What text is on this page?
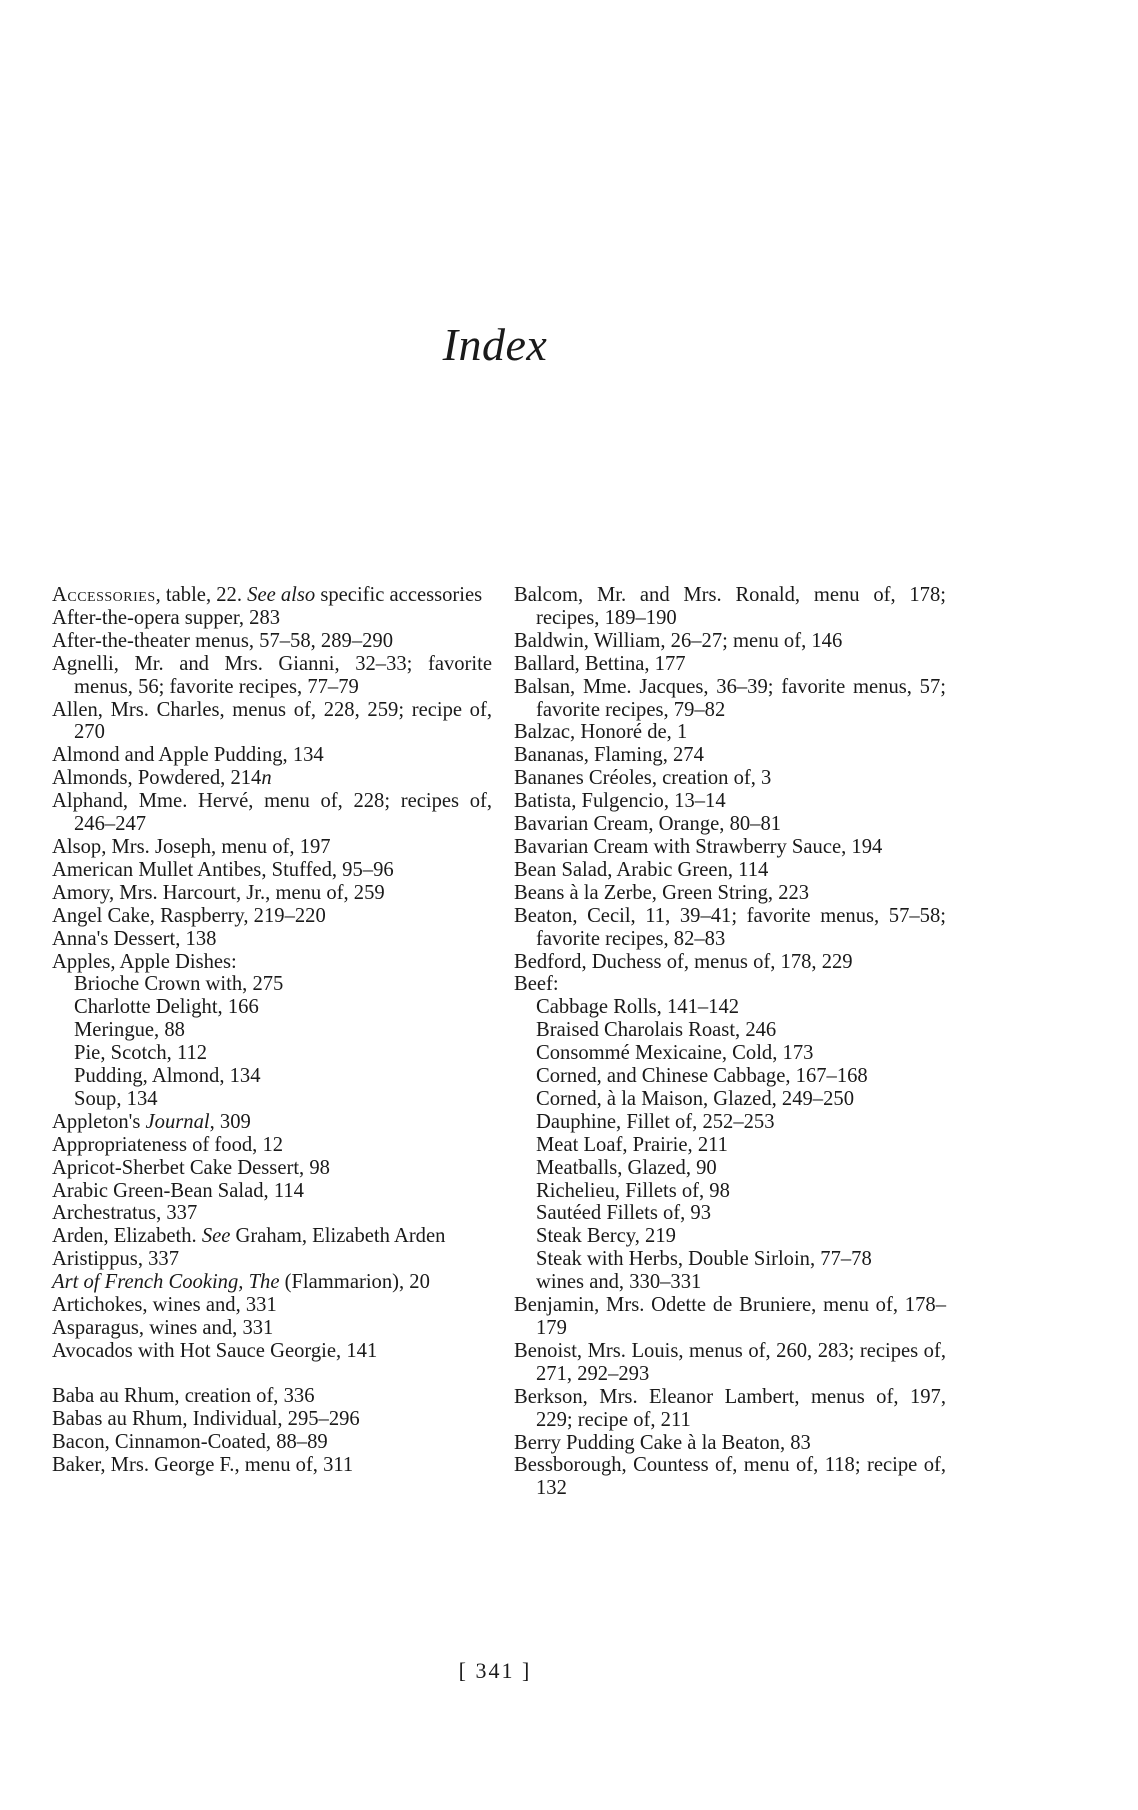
Index
Accessories, table, 22. See also specific accessories
After-the-opera supper, 283
After-the-theater menus, 57–58, 289–290
Agnelli, Mr. and Mrs. Gianni, 32–33; favorite menus, 56; favorite recipes, 77–79
Allen, Mrs. Charles, menus of, 228, 259; recipe of, 270
Almond and Apple Pudding, 134
Almonds, Powdered, 214n
Alphand, Mme. Hervé, menu of, 228; recipes of, 246–247
Alsop, Mrs. Joseph, menu of, 197
American Mullet Antibes, Stuffed, 95–96
Amory, Mrs. Harcourt, Jr., menu of, 259
Angel Cake, Raspberry, 219–220
Anna's Dessert, 138
Apples, Apple Dishes:
Brioche Crown with, 275
Charlotte Delight, 166
Meringue, 88
Pie, Scotch, 112
Pudding, Almond, 134
Soup, 134
Appleton's Journal, 309
Appropriateness of food, 12
Apricot-Sherbet Cake Dessert, 98
Arabic Green-Bean Salad, 114
Archestratus, 337
Arden, Elizabeth. See Graham, Elizabeth Arden
Aristippus, 337
Art of French Cooking, The (Flammarion), 20
Artichokes, wines and, 331
Asparagus, wines and, 331
Avocados with Hot Sauce Georgie, 141
Baba au Rhum, creation of, 336
Babas au Rhum, Individual, 295–296
Bacon, Cinnamon-Coated, 88–89
Baker, Mrs. George F., menu of, 311
Balcom, Mr. and Mrs. Ronald, menu of, 178; recipes, 189–190
Baldwin, William, 26–27; menu of, 146
Ballard, Bettina, 177
Balsan, Mme. Jacques, 36–39; favorite menus, 57; favorite recipes, 79–82
Balzac, Honoré de, 1
Bananas, Flaming, 274
Bananes Créoles, creation of, 3
Batista, Fulgencio, 13–14
Bavarian Cream, Orange, 80–81
Bavarian Cream with Strawberry Sauce, 194
Bean Salad, Arabic Green, 114
Beans à la Zerbe, Green String, 223
Beaton, Cecil, 11, 39–41; favorite menus, 57–58; favorite recipes, 82–83
Bedford, Duchess of, menus of, 178, 229
Beef:
Cabbage Rolls, 141–142
Braised Charolais Roast, 246
Consommé Mexicaine, Cold, 173
Corned, and Chinese Cabbage, 167–168
Corned, à la Maison, Glazed, 249–250
Dauphine, Fillet of, 252–253
Meat Loaf, Prairie, 211
Meatballs, Glazed, 90
Richelieu, Fillets of, 98
Sautéed Fillets of, 93
Steak Bercy, 219
Steak with Herbs, Double Sirloin, 77–78
wines and, 330–331
Benjamin, Mrs. Odette de Bruniere, menu of, 178–179
Benoist, Mrs. Louis, menus of, 260, 283; recipes of, 271, 292–293
Berkson, Mrs. Eleanor Lambert, menus of, 197, 229; recipe of, 211
Berry Pudding Cake à la Beaton, 83
Bessborough, Countess of, menu of, 118; recipe of, 132
[ 341 ]
